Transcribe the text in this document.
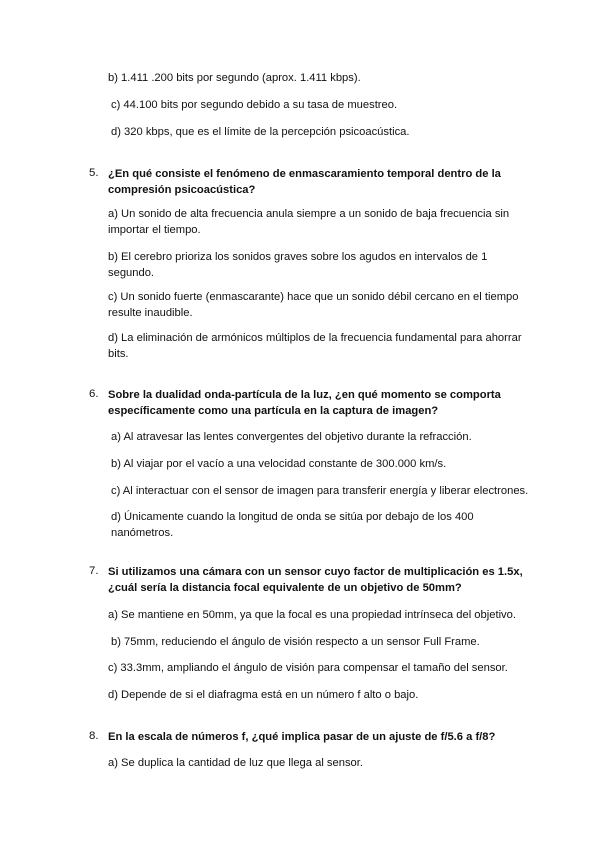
b) 1.411 .200 bits por segundo (aprox. 1.411 kbps).

c) 44.100 bits por segundo debido a su tasa de muestreo.

d) 320 kbps, que es el límite de la percepción psicoacústica.

5. ¿En qué consiste el fenómeno de enmascaramiento temporal dentro de la compresión psicoacústica?

a) Un sonido de alta frecuencia anula siempre a un sonido de baja frecuencia sin importar el tiempo.

b) El cerebro prioriza los sonidos graves sobre los agudos en intervalos de 1 segundo.

c) Un sonido fuerte (enmascarante) hace que un sonido débil cercano en el tiempo resulte inaudible.

d) La eliminación de armónicos múltiplos de la frecuencia fundamental para ahorrar bits.

6. Sobre la dualidad onda-partícula de la luz, ¿en qué momento se comporta específicamente como una partícula en la captura de imagen?

a) Al atravesar las lentes convergentes del objetivo durante la refracción.

b) Al viajar por el vacío a una velocidad constante de 300.000 km/s.

c) Al interactuar con el sensor de imagen para transferir energía y liberar electrones.

d) Únicamente cuando la longitud de onda se sitúa por debajo de los 400 nanómetros.

7. Si utilizamos una cámara con un sensor cuyo factor de multiplicación es 1.5x, ¿cuál sería la distancia focal equivalente de un objetivo de 50mm?

a) Se mantiene en 50mm, ya que la focal es una propiedad intrínseca del objetivo.

b) 75mm, reduciendo el ángulo de visión respecto a un sensor Full Frame.

c) 33.3mm, ampliando el ángulo de visión para compensar el tamaño del sensor.

d) Depende de si el diafragma está en un número f alto o bajo.

8. En la escala de números f, ¿qué implica pasar de un ajuste de f/5.6 a f/8?

a) Se duplica la cantidad de luz que llega al sensor.
